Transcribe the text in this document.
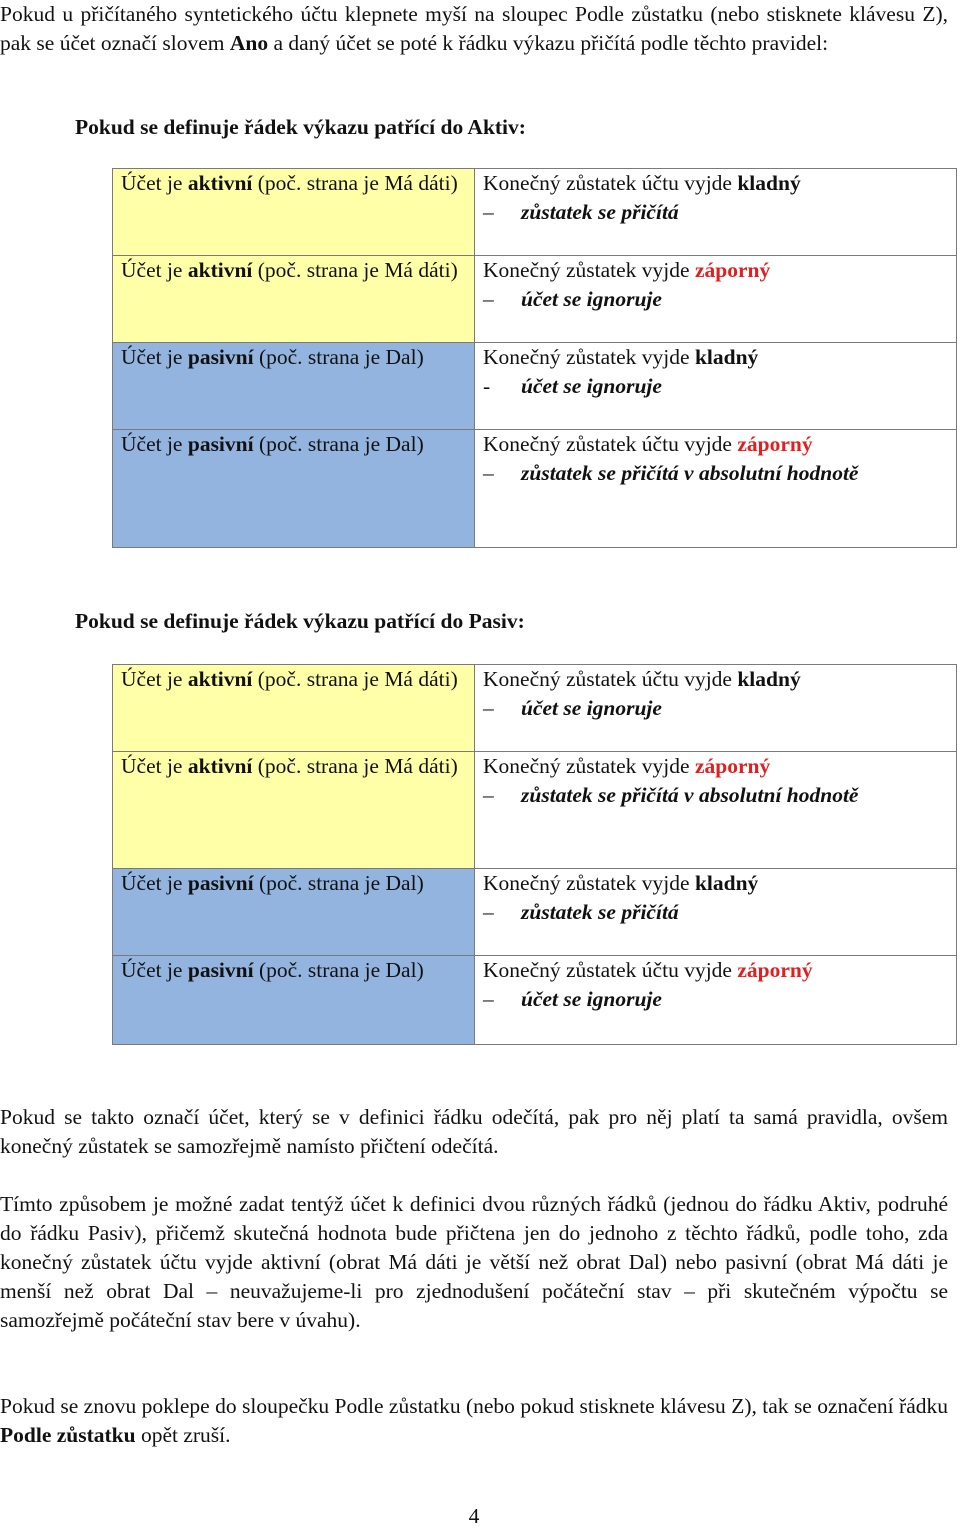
Pokud u přičítaného syntetického účtu klepnete myší na sloupec Podle zůstatku (nebo stisknete klávesu Z), pak se účet označí slovem Ano a daný účet se poté k řádku výkazu přičítá podle těchto pravidel:

Pokud se definuje řádek výkazu patřící do Aktiv:

Účet je aktivní (poč. strana je Má dáti)	Konečný zůstatek účtu vyjde kladný
– zůstatek se přičítá

Účet je aktivní (poč. strana je Má dáti)	Konečný zůstatek vyjde záporný
– účet se ignoruje

Účet je pasivní (poč. strana je Dal)	Konečný zůstatek vyjde kladný
- účet se ignoruje

Účet je pasivní (poč. strana je Dal)	Konečný zůstatek účtu vyjde záporný
– zůstatek se přičítá v absolutní hodnotě

Pokud se definuje řádek výkazu patřící do Pasiv:

Účet je aktivní (poč. strana je Má dáti)	Konečný zůstatek účtu vyjde kladný
– účet se ignoruje

Účet je aktivní (poč. strana je Má dáti)	Konečný zůstatek vyjde záporný
– zůstatek se přičítá v absolutní hodnotě

Účet je pasivní (poč. strana je Dal)	Konečný zůstatek vyjde kladný
– zůstatek se přičítá

Účet je pasivní (poč. strana je Dal)	Konečný zůstatek účtu vyjde záporný
– účet se ignoruje

Pokud se takto označí účet, který se v definici řádku odečítá, pak pro něj platí ta samá pravidla, ovšem konečný zůstatek se samozřejmě namísto přičtení odečítá.

Tímto způsobem je možné zadat tentýž účet k definici dvou různých řádků (jednou do řádku Aktiv, podruhé do řádku Pasiv), přičemž skutečná hodnota bude přičtena jen do jednoho z těchto řádků, podle toho, zda konečný zůstatek účtu vyjde aktivní (obrat Má dáti je větší než obrat Dal) nebo pasivní (obrat Má dáti je menší než obrat Dal – neuvažujeme-li pro zjednodušení počáteční stav – při skutečném výpočtu se samozřejmě počáteční stav bere v úvahu).

Pokud se znovu poklepe do sloupečku Podle zůstatku (nebo pokud stisknete klávesu Z), tak se označení řádku Podle zůstatku opět zruší.

4
